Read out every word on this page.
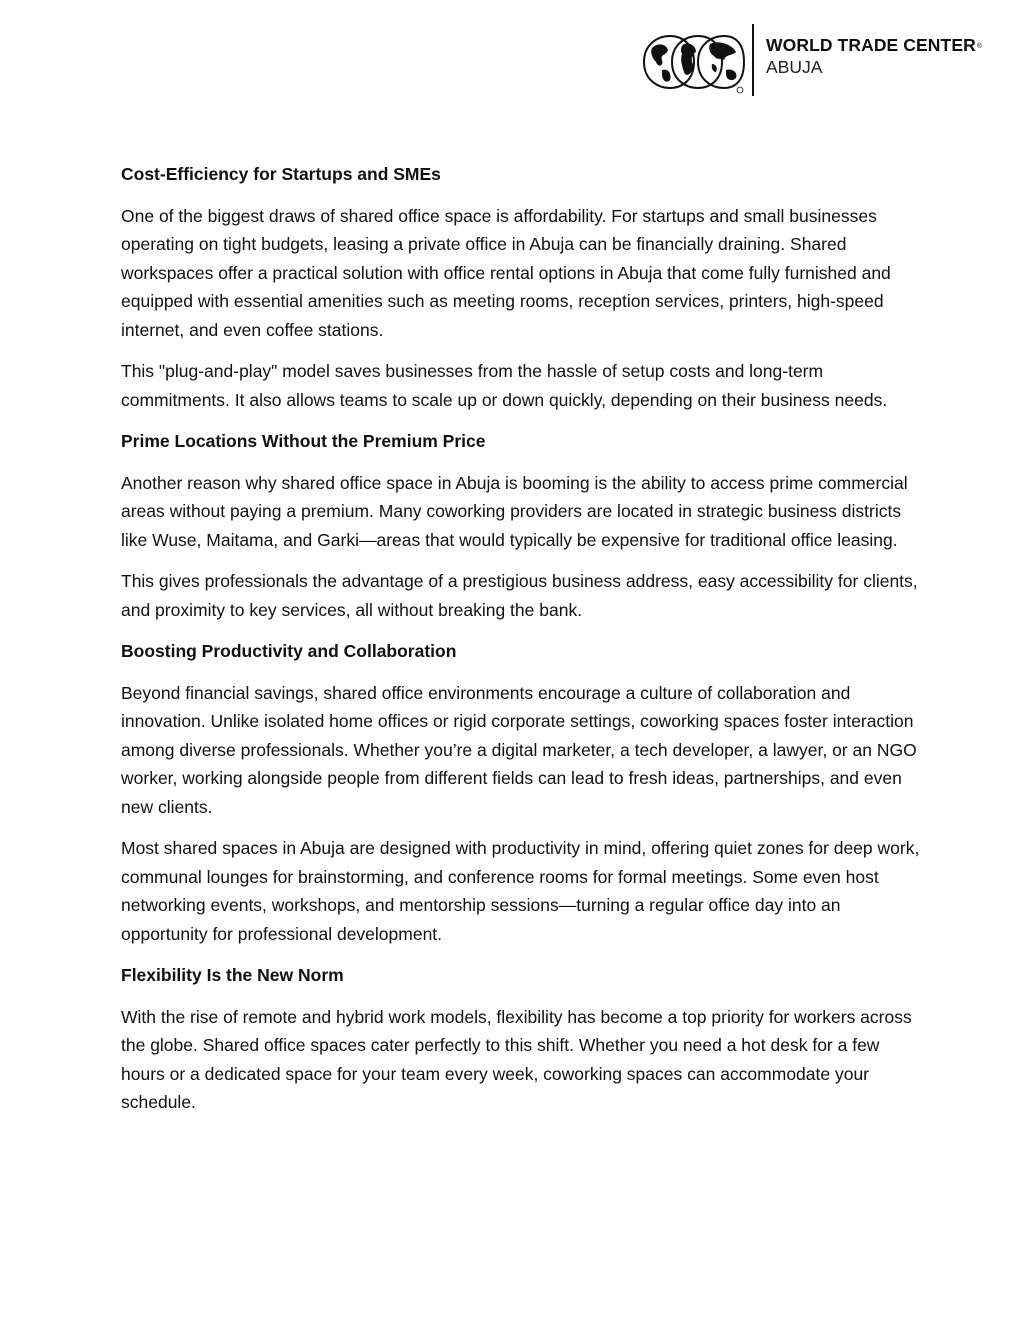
WORLD TRADE CENTER®
ABUJA
Cost-Efficiency for Startups and SMEs

One of the biggest draws of shared office space is affordability. For startups and small businesses operating on tight budgets, leasing a private office in Abuja can be financially draining. Shared workspaces offer a practical solution with office rental options in Abuja that come fully furnished and equipped with essential amenities such as meeting rooms, reception services, printers, high-speed internet, and even coffee stations.

This "plug-and-play" model saves businesses from the hassle of setup costs and long-term commitments. It also allows teams to scale up or down quickly, depending on their business needs.

Prime Locations Without the Premium Price

Another reason why shared office space in Abuja is booming is the ability to access prime commercial areas without paying a premium. Many coworking providers are located in strategic business districts like Wuse, Maitama, and Garki—areas that would typically be expensive for traditional office leasing.

This gives professionals the advantage of a prestigious business address, easy accessibility for clients, and proximity to key services, all without breaking the bank.

Boosting Productivity and Collaboration

Beyond financial savings, shared office environments encourage a culture of collaboration and innovation. Unlike isolated home offices or rigid corporate settings, coworking spaces foster interaction among diverse professionals. Whether you’re a digital marketer, a tech developer, a lawyer, or an NGO worker, working alongside people from different fields can lead to fresh ideas, partnerships, and even new clients.

Most shared spaces in Abuja are designed with productivity in mind, offering quiet zones for deep work, communal lounges for brainstorming, and conference rooms for formal meetings. Some even host networking events, workshops, and mentorship sessions—turning a regular office day into an opportunity for professional development.

Flexibility Is the New Norm

With the rise of remote and hybrid work models, flexibility has become a top priority for workers across the globe. Shared office spaces cater perfectly to this shift. Whether you need a hot desk for a few hours or a dedicated space for your team every week, coworking spaces can accommodate your schedule.
